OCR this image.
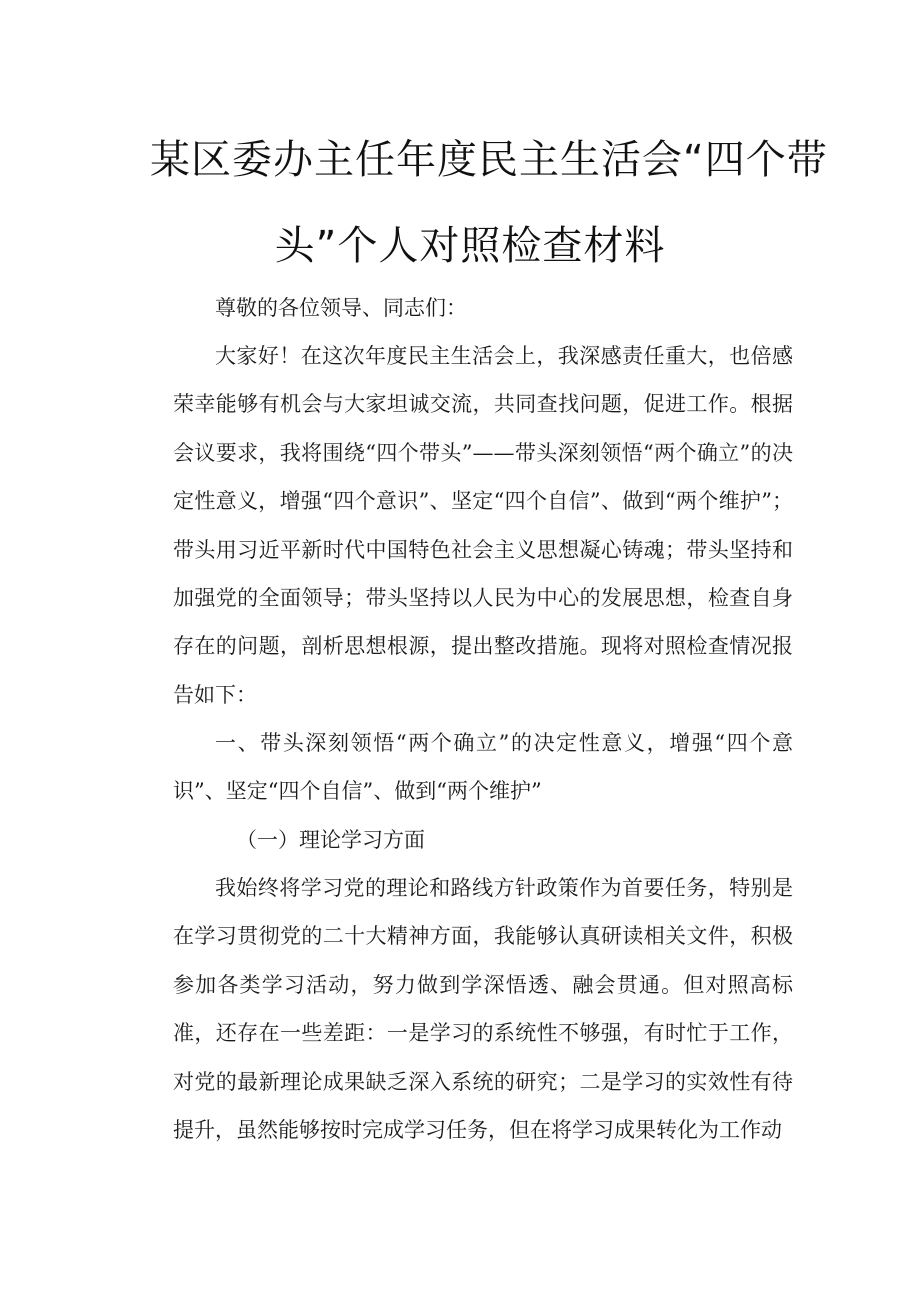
某区委办主任年度民主生活会“四个带
头”个人对照检查材料
尊敬的各位领导、同志们：

大家好！在这次年度民主生活会上，我深感责任重大，也倍感荣幸能够有机会与大家坦诚交流，共同查找问题，促进工作。根据会议要求，我将围绕“四个带头”——带头深刻领悟“两个确立”的决定性意义，增强“四个意识”、坚定“四个自信”、做到“两个维护”；带头用习近平新时代中国特色社会主义思想凝心铸魂；带头坚持和加强党的全面领导；带头坚持以人民为中心的发展思想，检查自身存在的问题，剖析思想根源，提出整改措施。现将对照检查情况报告如下：

一、带头深刻领悟“两个确立”的决定性意义，增强“四个意识”、坚定“四个自信”、做到“两个维护”

（一）理论学习方面

我始终将学习党的理论和路线方针政策作为首要任务，特别是在学习贯彻党的二十大精神方面，我能够认真研读相关文件，积极参加各类学习活动，努力做到学深悟透、融会贯通。但对照高标准，还存在一些差距：一是学习的系统性不够强，有时忙于工作，对党的最新理论成果缺乏深入系统的研究；二是学习的实效性有待提升，虽然能够按时完成学习任务，但在将学习成果转化为工作动
